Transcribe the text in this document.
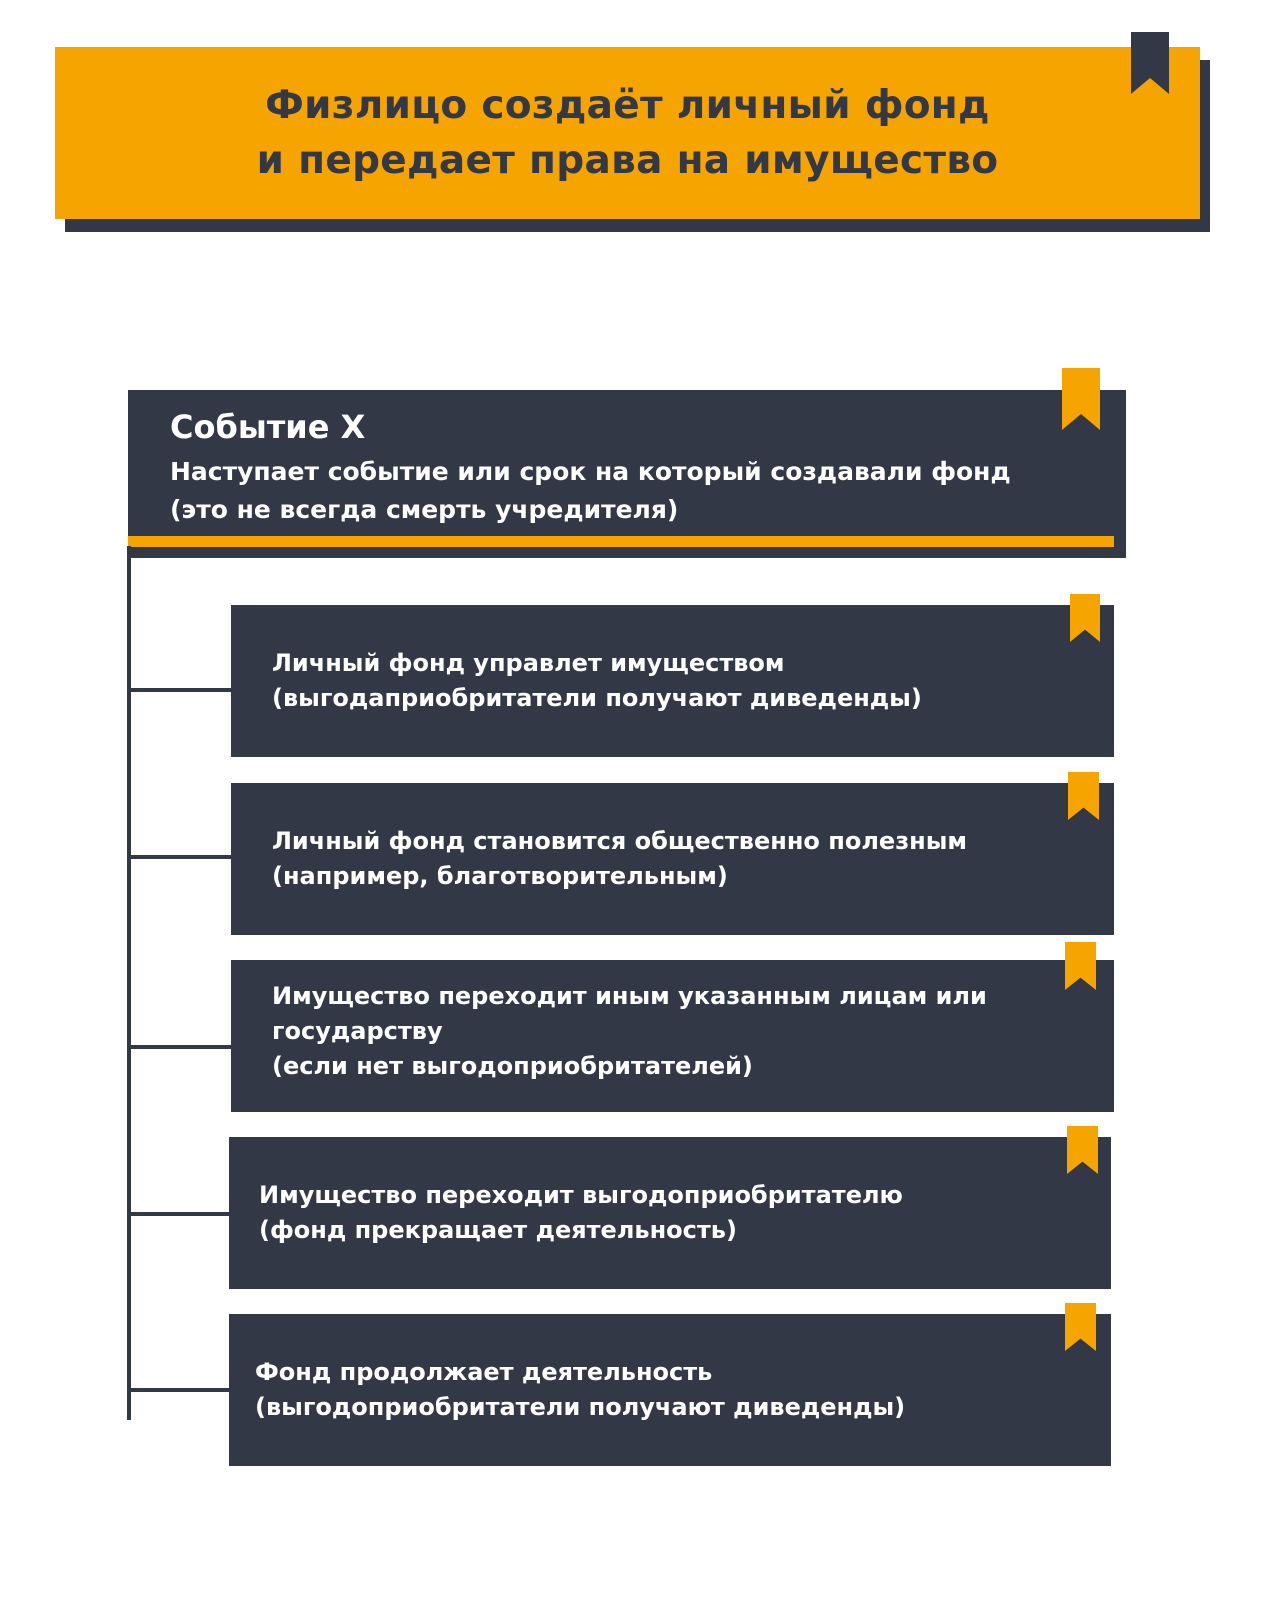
Физлицо создаёт личный фонд
и передает права на имущество
Событие Х

Наступает событие или срок на который создавали фонд (это не всегда смерть учредителя)

Личный фонд управлет имуществом
(выгодаприобритатели получают диведенды)

Личный фонд становится общественно полезным
(например, благотворительным)

Имущество переходит иным указанным лицам или
государству
(если нет выгодоприобритателей)

Имущество переходит выгодоприобритателю
(фонд прекращает деятельность)

Фонд продолжает деятельность
(выгодоприобритатели получают диведенды)
